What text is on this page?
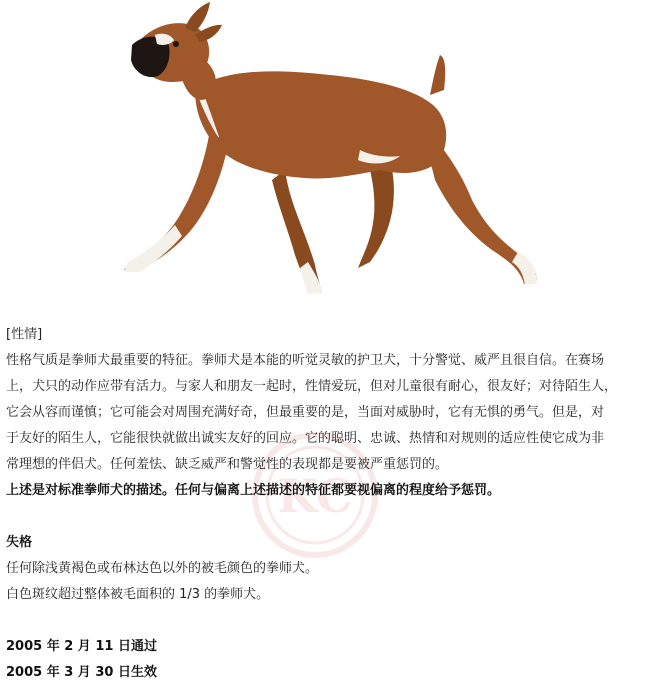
KC
[性情]
性格气质是拳师犬最重要的特征。拳师犬是本能的听觉灵敏的护卫犬，十分警觉、威严且很自信。在赛场
上，犬只的动作应带有活力。与家人和朋友一起时，性情爱玩，但对儿童很有耐心，很友好；对待陌生人，
它会从容而谨慎；它可能会对周围充满好奇，但最重要的是，当面对威胁时，它有无惧的勇气。但是，对
于友好的陌生人，它能很快就做出诚实友好的回应。它的聪明、忠诚、热情和对规则的适应性使它成为非
常理想的伴侣犬。任何羞怯、缺乏威严和警觉性的表现都是要被严重惩罚的。
上述是对标准拳师犬的描述。任何与偏离上述描述的特征都要视偏离的程度给予惩罚。
失格
任何除浅黄褐色或布林达色以外的被毛颜色的拳师犬。
白色斑纹超过整体被毛面积的 1/3 的拳师犬。
2005 年 2 月 11 日通过
2005 年 3 月 30 日生效
